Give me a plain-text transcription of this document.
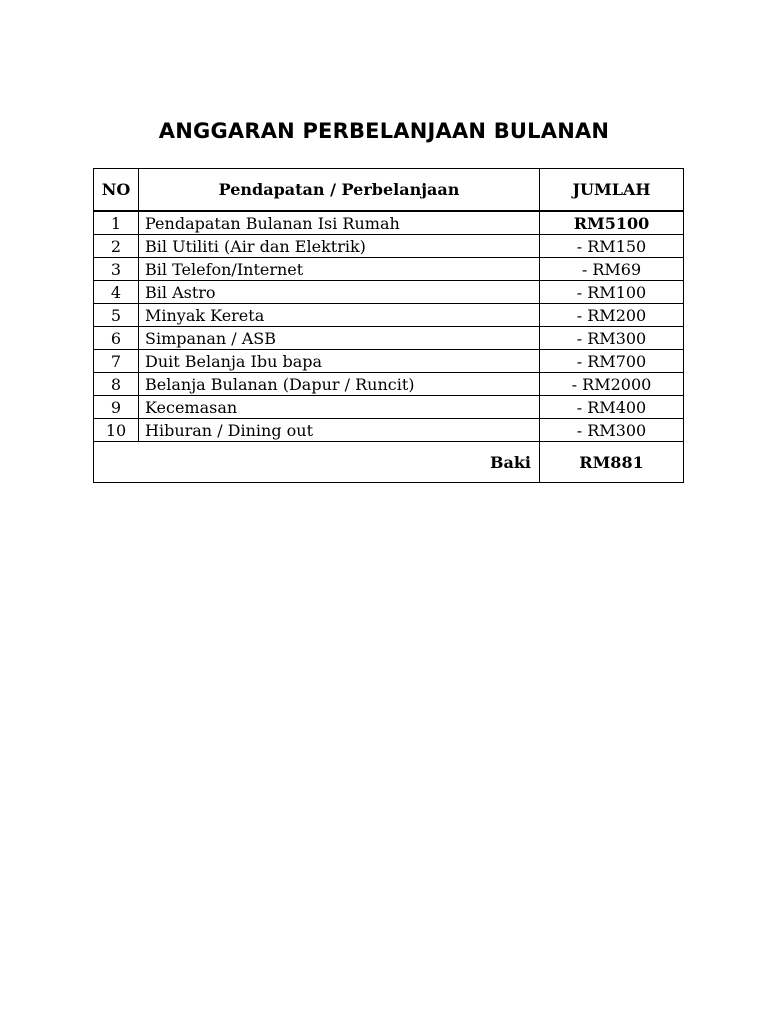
ANGGARAN PERBELANJAAN BULANAN
NO	Pendapatan / Perbelanjaan	JUMLAH
1	Pendapatan Bulanan Isi Rumah	RM5100
2	Bil Utiliti (Air dan Elektrik)	- RM150
3	Bil Telefon/Internet	- RM69
4	Bil Astro	- RM100
5	Minyak Kereta	- RM200
6	Simpanan / ASB	- RM300
7	Duit Belanja Ibu bapa	- RM700
8	Belanja Bulanan (Dapur / Runcit)	- RM2000
9	Kecemasan	- RM400
10	Hiburan / Dining out	- RM300
Baki		RM881
